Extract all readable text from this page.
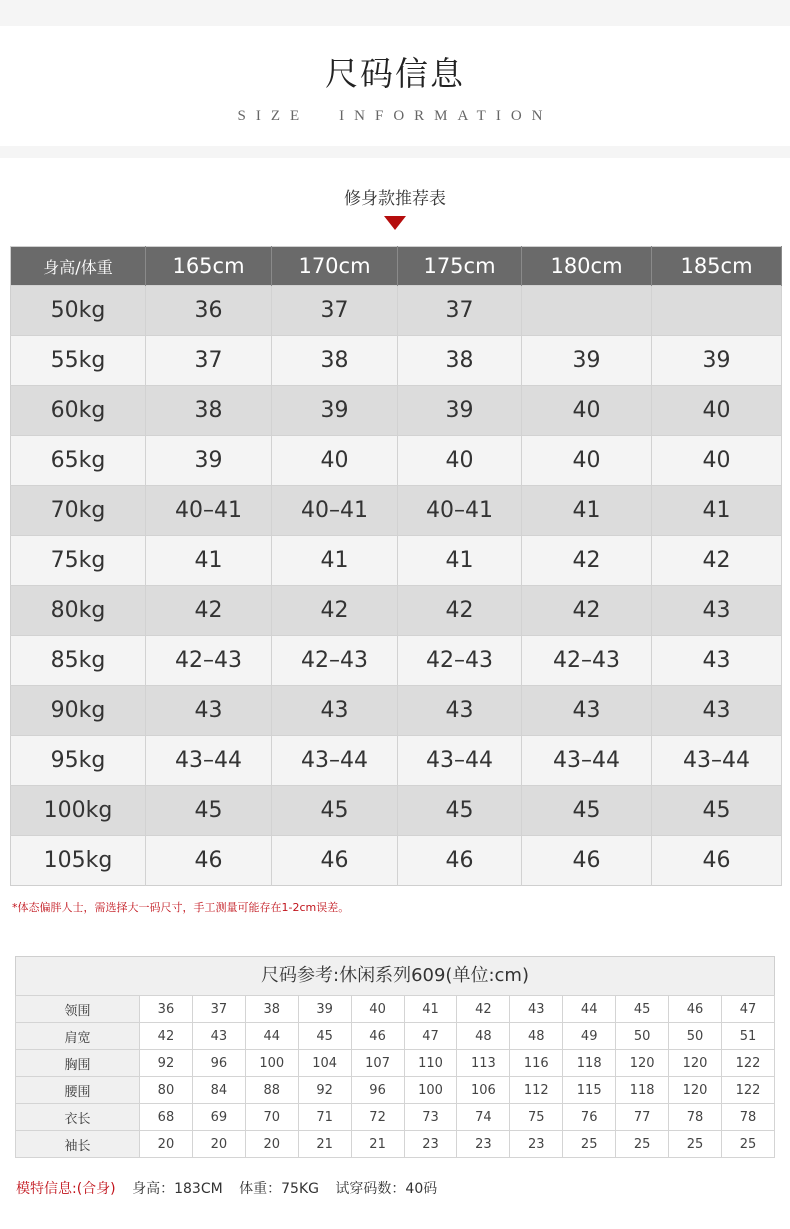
尺码信息
SIZE INFORMATION
修身款推荐表
身高/体重	165cm	170cm	175cm	180cm	185cm
50kg	36	37	37		
55kg	37	38	38	39	39
60kg	38	39	39	40	40
65kg	39	40	40	40	40
70kg	40–41	40–41	40–41	41	41
75kg	41	41	41	42	42
80kg	42	42	42	42	43
85kg	42–43	42–43	42–43	42–43	43
90kg	43	43	43	43	43
95kg	43–44	43–44	43–44	43–44	43–44
100kg	45	45	45	45	45
105kg	46	46	46	46	46
*体态偏胖人士，需选择大一码尺寸，手工测量可能存在1-2cm误差。
尺码参考:休闲系列609(单位:cm)
领围	36	37	38	39	40	41	42	43	44	45	46	47
肩宽	42	43	44	45	46	47	48	48	49	50	50	51
胸围	92	96	100	104	107	110	113	116	118	120	120	122
腰围	80	84	88	92	96	100	106	112	115	118	120	122
衣长	68	69	70	71	72	73	74	75	76	77	78	78
袖长	20	20	20	21	21	23	23	23	25	25	25	25
模特信息:(合身) 身高：183CM 体重：75KG 试穿码数：40码
